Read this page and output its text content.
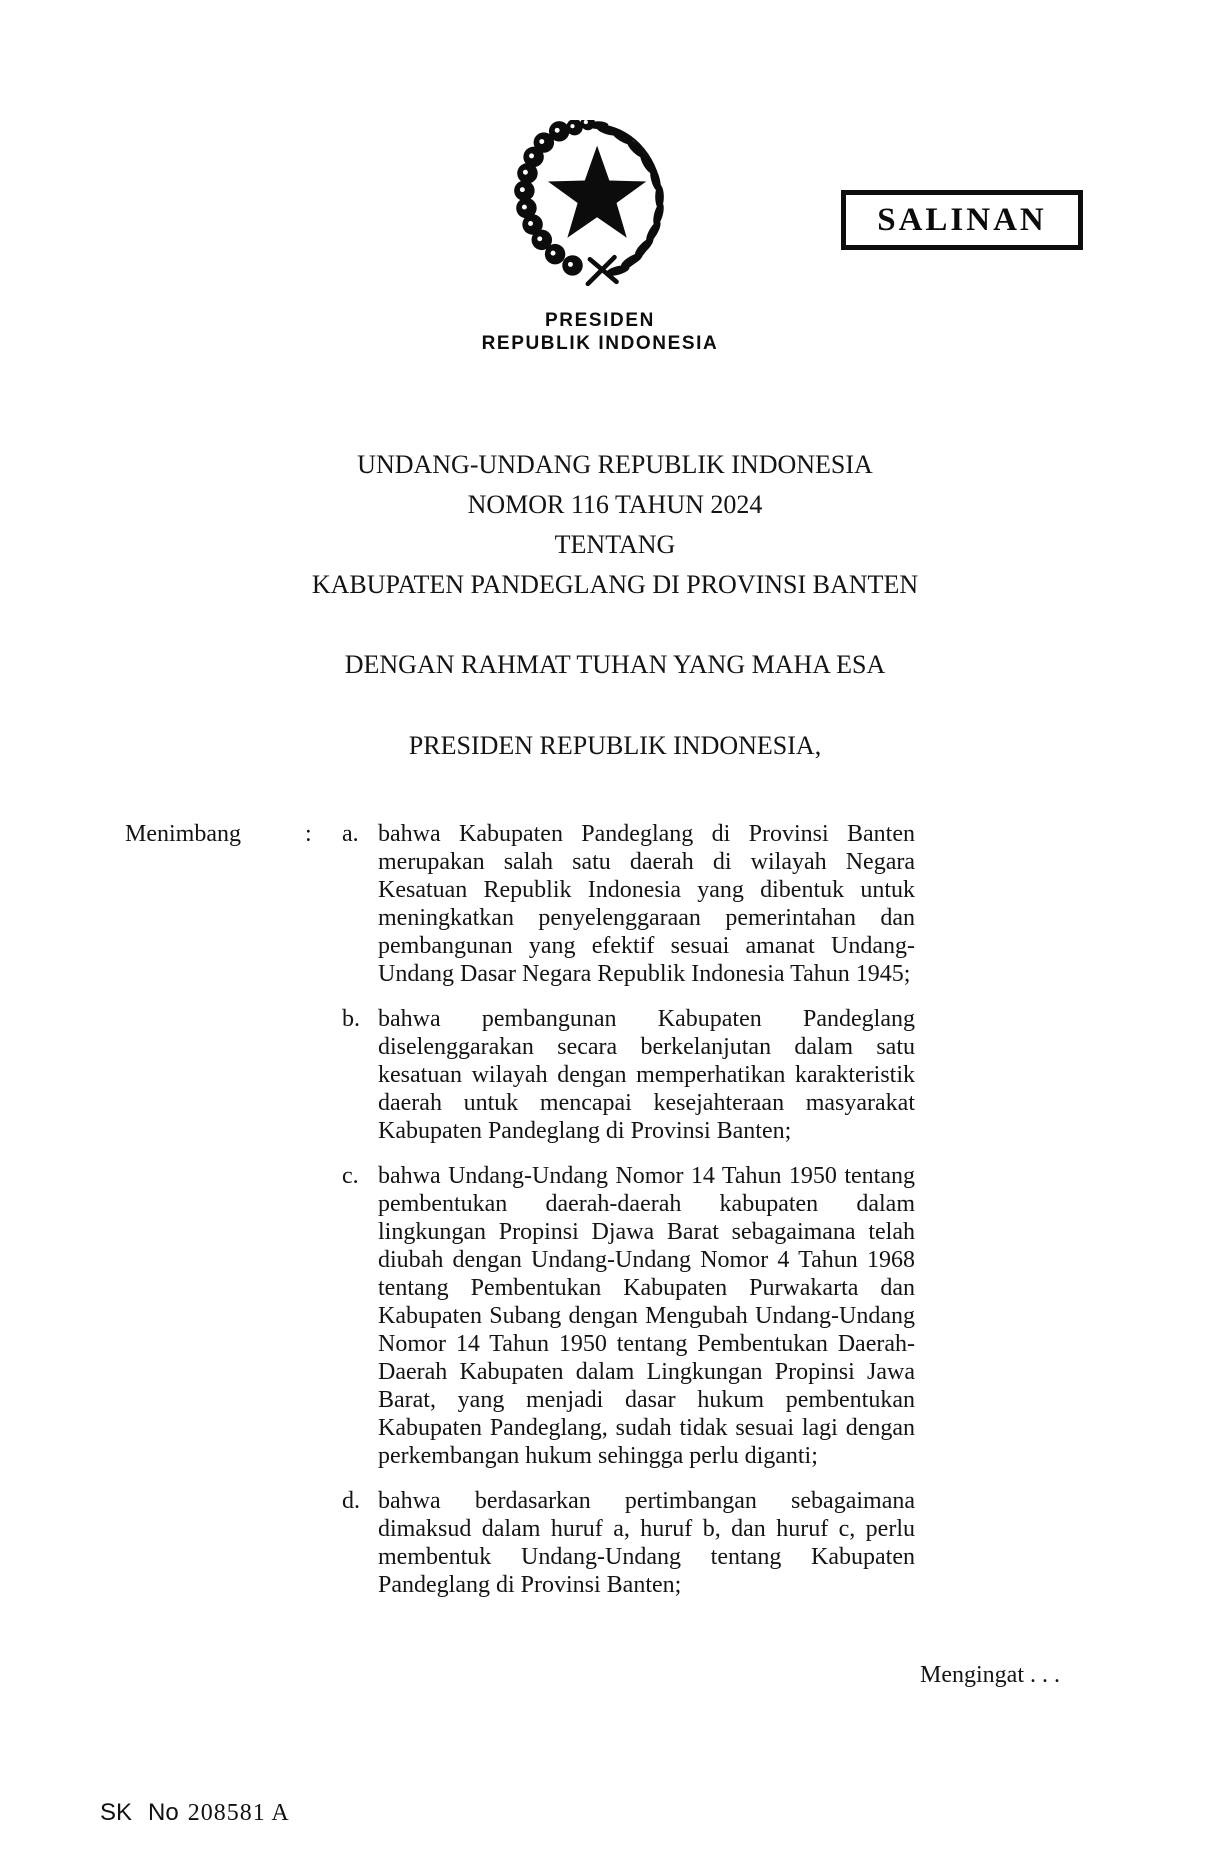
SALINAN
PRESIDEN
REPUBLIK INDONESIA
UNDANG-UNDANG REPUBLIK INDONESIA
NOMOR 116 TAHUN 2024
TENTANG
KABUPATEN PANDEGLANG DI PROVINSI BANTEN
DENGAN RAHMAT TUHAN YANG MAHA ESA
PRESIDEN REPUBLIK INDONESIA,
Menimbang	:	a. bahwa Kabupaten Pandeglang di Provinsi Banten merupakan salah satu daerah di wilayah Negara Kesatuan Republik Indonesia yang dibentuk untuk meningkatkan penyelenggaraan pemerintahan dan pembangunan yang efektif sesuai amanat Undang-Undang Dasar Negara Republik Indonesia Tahun 1945;
b. bahwa pembangunan Kabupaten Pandeglang diselenggarakan secara berkelanjutan dalam satu kesatuan wilayah dengan memperhatikan karakteristik daerah untuk mencapai kesejahteraan masyarakat Kabupaten Pandeglang di Provinsi Banten;
c. bahwa Undang-Undang Nomor 14 Tahun 1950 tentang pembentukan daerah-daerah kabupaten dalam lingkungan Propinsi Djawa Barat sebagaimana telah diubah dengan Undang-Undang Nomor 4 Tahun 1968 tentang Pembentukan Kabupaten Purwakarta dan Kabupaten Subang dengan Mengubah Undang-Undang Nomor 14 Tahun 1950 tentang Pembentukan Daerah-Daerah Kabupaten dalam Lingkungan Propinsi Jawa Barat, yang menjadi dasar hukum pembentukan Kabupaten Pandeglang, sudah tidak sesuai lagi dengan perkembangan hukum sehingga perlu diganti;
d. bahwa berdasarkan pertimbangan sebagaimana dimaksud dalam huruf a, huruf b, dan huruf c, perlu membentuk Undang-Undang tentang Kabupaten Pandeglang di Provinsi Banten;
Mengingat . . .
SK No 208581 A
